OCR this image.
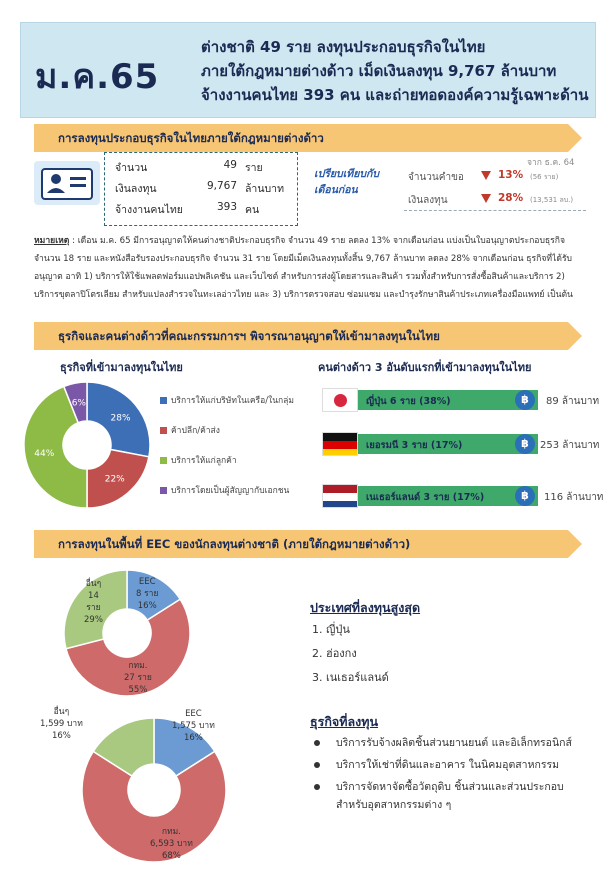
ม.ค.65
ต่างชาติ 49 ราย ลงทุนประกอบธุรกิจในไทย
ภายใต้กฎหมายต่างด้าว เม็ดเงินลงทุน 9,767 ล้านบาท
จ้างงานคนไทย 393 คน และถ่ายทอดองค์ความรู้เฉพาะด้าน
การลงทุนประกอบธุรกิจในไทยภายใต้กฎหมายต่างด้าว
จำนวน	49 ราย
เงินลงทุน	9,767 ล้านบาท
จ้างงานคนไทย	393 คน
เปรียบเทียบกับเดือนก่อน
จาก ธ.ค. 64
จำนวนคำขอ	13% (56 ราย)
เงินลงทุน	28% (13,531 ลบ.)
หมายเหตุ : เดือน ม.ค. 65 มีการอนุญาตให้คนต่างชาติประกอบธุรกิจ จำนวน 49 ราย ลดลง 13% จากเดือนก่อน แบ่งเป็นใบอนุญาตประกอบธุรกิจ จำนวน 18 ราย และหนังสือรับรองประกอบธุรกิจ จำนวน 31 ราย โดยมีเม็ดเงินลงทุนทั้งสิ้น 9,767 ล้านบาท ลดลง 28% จากเดือนก่อน ธุรกิจที่ได้รับอนุญาต อาทิ 1) บริการให้ใช้แพลตฟอร์มแอปพลิเคชัน และเว็บไซต์ สำหรับการส่งผู้โดยสารและสินค้า รวมทั้งสำหรับการสั่งซื้อสินค้าและบริการ 2) บริการขุดลาปิโตรเลียม สำหรับแปลงสำรวจในทะเลอ่าวไทย และ 3) บริการตรวจสอบ ซ่อมแซม และบำรุงรักษาสินค้าประเภทเครื่องมือแพทย์ เป็นต้น
ธุรกิจและคนต่างด้าวที่คณะกรรมการฯ พิจารณาอนุญาตให้เข้ามาลงทุนในไทย
ธุรกิจที่เข้ามาลงทุนในไทย	คนต่างด้าว 3 อันดับแรกที่เข้ามาลงทุนในไทย
28%
22%
44%
6%	บริการให้แก่บริษัทในเครือ/ในกลุ่ม
ค้าปลีก/ค้าส่ง
บริการให้แก่ลูกค้า
บริการโดยเป็นผู้สัญญากับเอกชน
ญี่ปุ่น 6 ราย (38%)	฿	89 ล้านบาท
เยอรมนี 3 ราย (17%)	฿	253 ล้านบาท
เนเธอร์แลนด์ 3 ราย (17%)	฿	116 ล้านบาท
การลงทุนในพื้นที่ EEC ของนักลงทุนต่างชาติ (ภายใต้กฎหมายต่างด้าว)
EEC
8 ราย
16%
อื่นๆ
14
ราย
29%
กทม.
27 ราย
55%
EEC
1,575 บาท
16%
อื่นๆ
1,599 บาท
16%
กทม.
6,593 บาท
68%
ประเทศที่ลงทุนสูงสุด
1. ญี่ปุ่น
2. ฮ่องกง
3. เนเธอร์แลนด์
ธุรกิจที่ลงทุน
บริการรับจ้างผลิตชิ้นส่วนยานยนต์ และอิเล็กทรอนิกส์
บริการให้เช่าที่ดินและอาคาร ในนิคมอุตสาหกรรม
บริการจัดหาจัดซื้อวัตถุดิบ ชิ้นส่วนและส่วนประกอบ สำหรับอุตสาหกรรมต่าง ๆ
